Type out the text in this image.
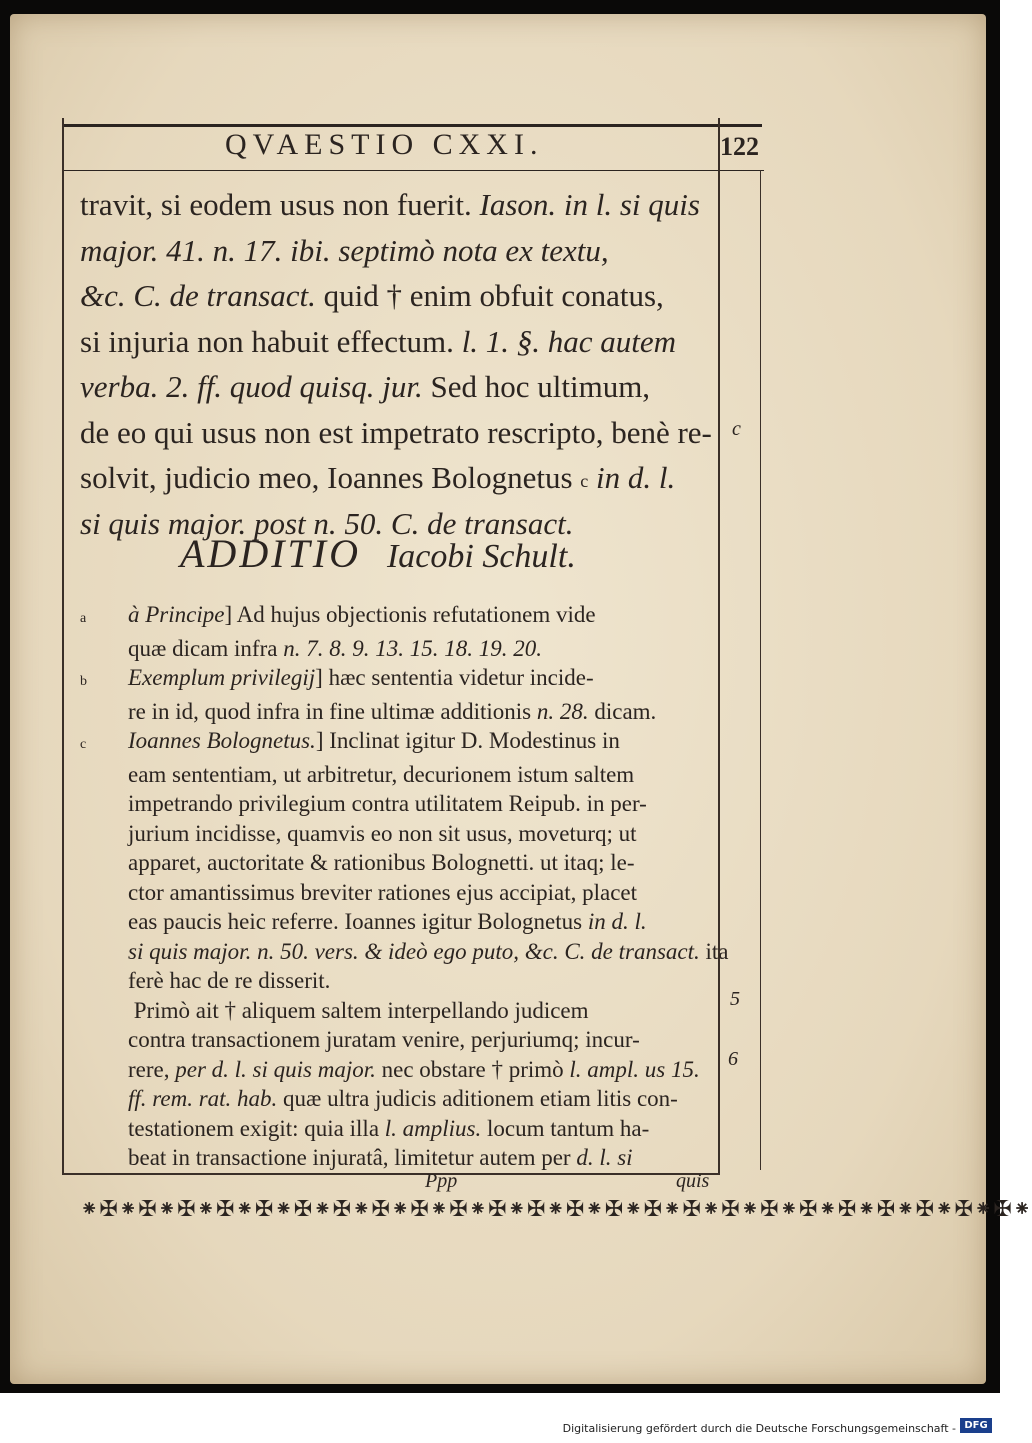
QVAESTIO CXXI.	122
travit, si eodem usus non fuerit. Iason. in l. si quis
major. 41. n. 17. ibi. septimò nota ex textu,
&c. C. de transact. quid † enim obfuit conatus,
si injuria non habuit effectum. l. 1. §. hac autem
verba. 2. ff. quod quisq. jur. Sed hoc ultimum,
de eo qui usus non est impetrato rescripto, benè re-
solvit, judicio meo, Ioannes Bolognetus $^c$ in d. l.
si quis major. post n. 50. C. de transact.
c
ADDITIO Iacobi Schult.
a à Principe] Ad hujus objectionis refutationem vide
quæ dicam infra n. 7. 8. 9. 13. 15. 18. 19. 20.
b Exemplum privilegij] hæc sententia videtur incide-
re in id, quod infra in fine ultimæ additionis n. 28. dicam.
c Ioannes Bolognetus.] Inclinat igitur D. Modestinus in
eam sententiam, ut arbitretur, decurionem istum saltem
impetrando privilegium contra utilitatem Reipub. in per-
jurium incidisse, quamvis eo non sit usus, moveturq; ut
apparet, auctoritate & rationibus Bolognetti. ut itaq; le-
ctor amantissimus breviter rationes ejus accipiat, placet
eas paucis heic referre. Ioannes igitur Bolognetus in d. l.
si quis major. n. 50. vers. & ideò ego puto, &c. C. de transact. ita
ferè hac de re disserit.
Primò ait † aliquem saltem interpellando judicem
contra transactionem juratam venire, perjuriumq; incur-
rere, per d. l. si quis major. nec obstare † primò l. ampl. us 15.
ff. rem. rat. hab. quæ ultra judicis aditionem etiam litis con-
testationem exigit: quia illa l. amplius. locum tantum ha-
beat in transactione injuratâ, limitetur autem per d. l. si
5
6
Ppp	quis
⁕✠⁕✠⁕✠⁕✠⁕✠⁕✠⁕✠⁕✠⁕✠⁕✠⁕✠⁕✠⁕✠⁕✠⁕✠⁕✠⁕✠⁕✠⁕✠⁕✠⁕✠⁕✠⁕✠⁕✠⁕
Digitalisierung gefördert durch die Deutsche Forschungsgemeinschaft - DFG
